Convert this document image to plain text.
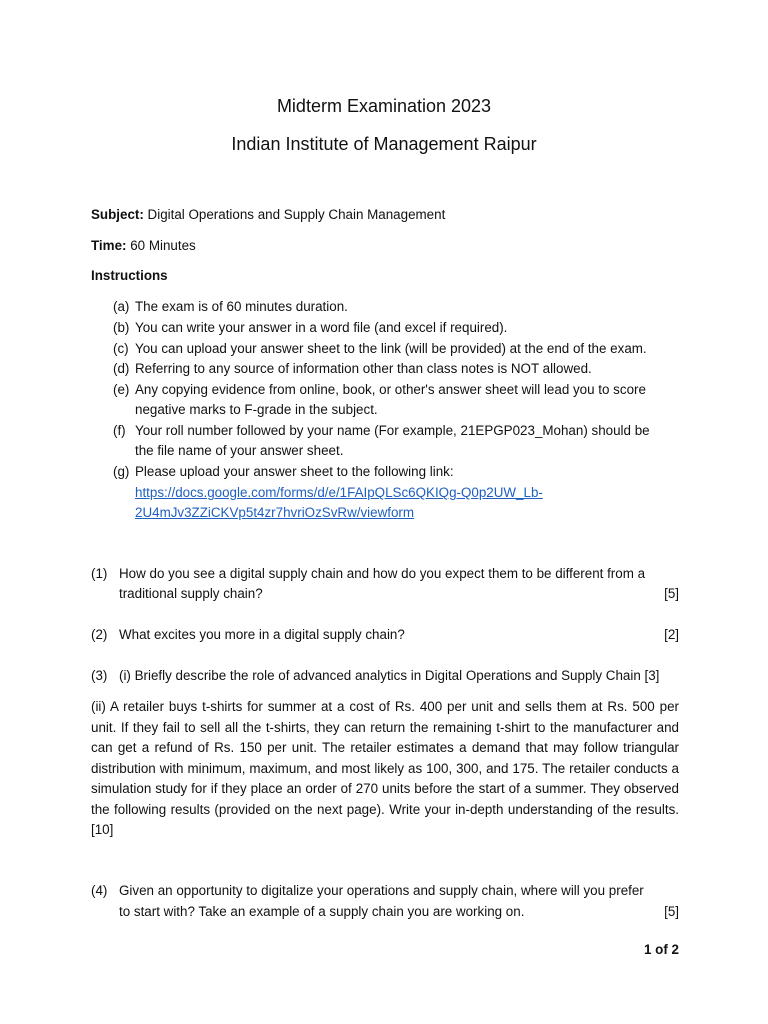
Midterm Examination 2023
Indian Institute of Management Raipur
Subject: Digital Operations and Supply Chain Management
Time: 60 Minutes
Instructions
(a) The exam is of 60 minutes duration.
(b) You can write your answer in a word file (and excel if required).
(c) You can upload your answer sheet to the link (will be provided) at the end of the exam.
(d) Referring to any source of information other than class notes is NOT allowed.
(e) Any copying evidence from online, book, or other's answer sheet will lead you to score
negative marks to F-grade in the subject.
(f) Your roll number followed by your name (For example, 21EPGP023_Mohan) should be
the file name of your answer sheet.
(g) Please upload your answer sheet to the following link:
https://docs.google.com/forms/d/e/1FAIpQLSc6QKIQg-Q0p2UW_Lb-
2U4mJv3ZZiCKVp5t4zr7hvriOzSvRw/viewform
(1) How do you see a digital supply chain and how do you expect them to be different from a
traditional supply chain?	[5]
(2) What excites you more in a digital supply chain?	[2]
(3) (i) Briefly describe the role of advanced analytics in Digital Operations and Supply Chain [3]
(ii) A retailer buys t-shirts for summer at a cost of Rs. 400 per unit and sells them at Rs. 500 per unit. If they fail to sell all the t-shirts, they can return the remaining t-shirt to the manufacturer and can get a refund of Rs. 150 per unit. The retailer estimates a demand that may follow triangular distribution with minimum, maximum, and most likely as 100, 300, and 175. The retailer conducts a simulation study for if they place an order of 270 units before the start of a summer. They observed the following results (provided on the next page). Write your in-depth understanding of the results. [10]
(4) Given an opportunity to digitalize your operations and supply chain, where will you prefer
to start with? Take an example of a supply chain you are working on.	[5]
1 of 2
